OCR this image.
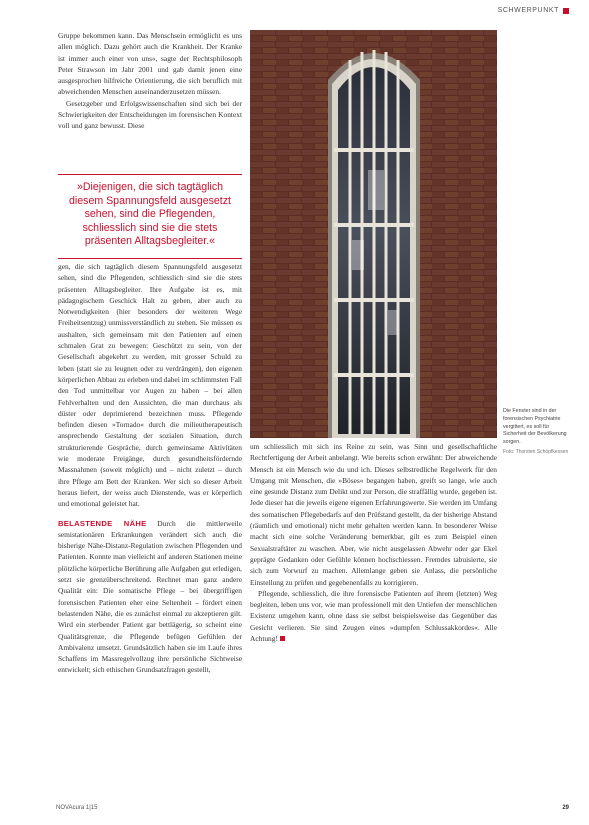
SCHWERPUNKT

Gruppe bekommen kann. Das Menschsein ermöglicht es uns allen möglich. Dazu gehört auch die Krankheit. Der Kranke ist immer auch einer von uns«, sagte der Rechtsphilosoph Peter Strawson im Jahr 2001 und gab damit jenen eine ausgesprochen hilfreiche Orientierung, die sich beruflich mit abweichenden Menschen auseinanderzusetzen müssen.

Gesetzgeber und Erfolgswissenschaften sind sich bei der Schwierigkeiten der Entscheidungen im forensischen Kontext voll und ganz bewusst. Diese

»Diejenigen, die sich tagtäglich diesem Spannungsfeld ausgesetzt sehen, sind die Pflegenden, schliesslich sind sie die stets präsenten Alltagsbegleiter.«

gen, die sich tagtäglich diesem Spannungsfeld ausgesetzt sehen, sind die Pflegenden, schliesslich sind sie die stets präsenten Alltagsbegleiter. Ihre Aufgabe ist es, mit pädagogischem Geschick Halt zu geben, aber auch zu Notwendigkeiten (hier besonders der weiteren Wege Freiheitsentzug) unmissverständlich zu stehen. Sie müssen es aushalten, sich gemeinsam mit den Patienten auf einen schmalen Grat zu bewegen: Geschützt zu sein, von der Gesellschaft abgekehrt zu werden, mit grosser Schuld zu leben (statt sie zu leugnen oder zu verdrängen), den eigenen körperlichen Abbau zu erleben und dabei im schlimmsten Fall den Tod unmittelbar vor Augen zu haben – bei allen Fehlverhalten und den Aussichten, die man durchaus als düster oder deprimierend bezeichnen muss. Pflegende befinden diesen »Tornado« durch die milieutherapeutisch ansprechende Gestaltung der sozialen Situation, durch strukturierende Gespräche, durch gemeinsame Aktivitäten wie moderate Freigänge, durch gesundheitsfördernde Massnahmen (soweit möglich) und – nicht zuletzt – durch ihre Pflege am Bett der Kranken. Wer sich so dieser Arbeit heraus liefert, der weiss auch Dienstende, was er körperlich und emotional geleistet hat.

BELASTENDE NÄHE Durch die mittlerweile semistationären Erkrankungen verändert sich auch die bisherige Nähe-Distanz-Regulation zwischen Pflegenden und Patienten. Konnte man vielleicht auf anderen Stationen meine plötzliche körperliche Berührung alle Aufgaben gut erledigen, setzt sie grenzüberschreitend. Rechnet man ganz andere Qualität ein: Die somatische Pflege – bei übergriffigen forensischen Patienten eher eine Seltenheit – fördert einen belastenden Nähe, die es zunächst einmal zu akzeptieren gilt. Wird ein sterbender Patient gar bettlägerig, so scheint eine Qualitätsgrenze, die Pflegende befügen Gefühlen der Ambivalenz umsetzt. Grundsätzlich haben sie im Laufe ihres Schaffens im Massregelvollzug ihre persönliche Sichtweise entwickelt; sich ethischen Grundsatzfragen gestellt,

Die Fenster sind in der forensischen Psychiatrie vergittert, es soll für Sicherheit der Bevölkerung sorgen.
Foto: Thorsten Schöpfkessen

um schliesslich mit sich ins Reine zu sein, was Sinn und gesellschaftliche Rechtfertigung der Arbeit anbelangt. Wie bereits schon erwähnt: Der abweichende Mensch ist ein Mensch wie du und ich. Dieses selbstredliche Regelwerk für den Umgang mit Menschen, die »Böses« begangen haben, greift so lange, wie auch eine gesunde Distanz zum Delikt und zur Person, die straffällig wurde, gegeben ist. Jede dieser hat die jeweils eigene eigenen Erfahrungswerte. Sie werden im Umfang des somatischen Pflegebedarfs auf den Prüfstand gestellt, da der bisherige Abstand (räumlich und emotional) nicht mehr gehalten werden kann. In besonderer Weise macht sich eine solche Veränderung bemerkbar, gilt es zum Beispiel einen Sexualstraftäter zu waschen. Aber, wie nicht ausgelassen Abwehr oder gar Ekel geprägte Gedanken oder Gefühle können hochschiessen. Fremdes tabuisierte, sie sich zum Vorwurf zu machen. Allemlange geben sie Anlass, die persönliche Einstellung zu prüfen und gegebenenfalls zu korrigieren.

Pflegende, schliesslich, die ihre forensische Patienten auf ihrem (letzten) Weg begleiten, leben uns vor, wie man professionell mit den Untiefen der menschlichen Existenz umgehen kann, ohne dass sie selbst beispielsweise das Gegenüber das Gesicht verlieren. Sie sind Zeugen eines »dumpfen Schlussakkordes«. Alle Achtung!

NOVAcura 1|15	29
